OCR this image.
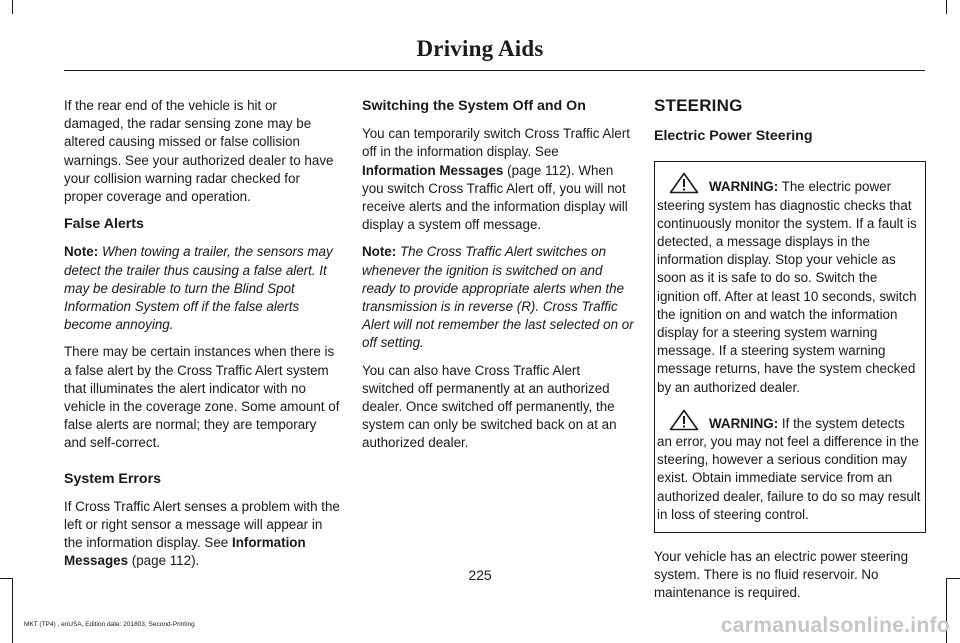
Driving Aids

If the rear end of the vehicle is hit or damaged, the radar sensing zone may be altered causing missed or false collision warnings. See your authorized dealer to have your collision warning radar checked for proper coverage and operation.

False Alerts

Note: When towing a trailer, the sensors may detect the trailer thus causing a false alert. It may be desirable to turn the Blind Spot Information System off if the false alerts become annoying.

There may be certain instances when there is a false alert by the Cross Traffic Alert system that illuminates the alert indicator with no vehicle in the coverage zone. Some amount of false alerts are normal; they are temporary and self-correct.

System Errors

If Cross Traffic Alert senses a problem with the left or right sensor a message will appear in the information display. See Information Messages (page 112).

Switching the System Off and On

You can temporarily switch Cross Traffic Alert off in the information display. See Information Messages (page 112). When you switch Cross Traffic Alert off, you will not receive alerts and the information display will display a system off message.

Note: The Cross Traffic Alert switches on whenever the ignition is switched on and ready to provide appropriate alerts when the transmission is in reverse (R). Cross Traffic Alert will not remember the last selected on or off setting.

You can also have Cross Traffic Alert switched off permanently at an authorized dealer. Once switched off permanently, the system can only be switched back on at an authorized dealer.

STEERING
Electric Power Steering

WARNING: The electric power steering system has diagnostic checks that continuously monitor the system. If a fault is detected, a message displays in the information display. Stop your vehicle as soon as it is safe to do so. Switch the ignition off. After at least 10 seconds, switch the ignition on and watch the information display for a steering system warning message. If a steering system warning message returns, have the system checked by an authorized dealer.

WARNING: If the system detects an error, you may not feel a difference in the steering, however a serious condition may exist. Obtain immediate service from an authorized dealer, failure to do so may result in loss of steering control.

Your vehicle has an electric power steering system. There is no fluid reservoir. No maintenance is required.

225
MKT (TP4) , enUSA, Edition date: 201803, Second-Printing	carmanualsonline.info
